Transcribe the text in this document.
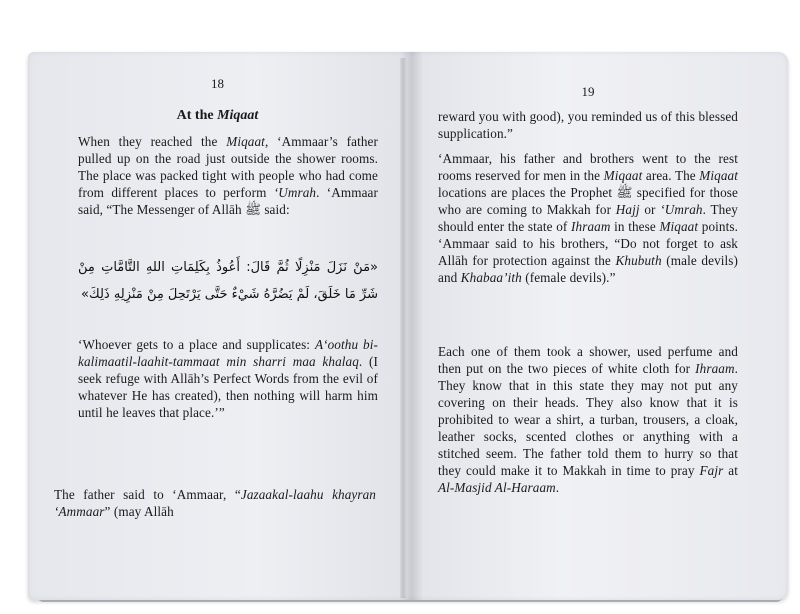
18
At the Miqaat
When they reached the Miqaat, ‘Ammaar’s father pulled up on the road just outside the shower rooms. The place was packed tight with people who had come from different places to perform ‘Umrah. ‘Ammaar said, “The Messenger of Allāh ﷺ said:
«مَنْ نَزَلَ مَنْزِلًا ثُمَّ قَالَ: أَعُوذُ بِكَلِمَاتِ اللهِ التَّامَّاتِ مِنْ شَرِّ مَا خَلَقَ، لَمْ يَضُرَّهُ شَيْءٌ حَتَّى يَرْتَحِلَ مِنْ مَنْزِلِهِ ذَلِكَ»
‘Whoever gets to a place and supplicates: A‘oothu bi-kalimaatil-laahit-tammaat min sharri maa khalaq. (I seek refuge with Allāh’s Perfect Words from the evil of whatever He has created), then nothing will harm him until he leaves that place.’”
The father said to ‘Ammaar, “Jazaakal-laahu khayran ‘Ammaar” (may Allāh
19
reward you with good), you reminded us of this blessed supplication.”
‘Ammaar, his father and brothers went to the rest rooms reserved for men in the Miqaat area. The Miqaat locations are places the Prophet ﷺ specified for those who are coming to Makkah for Hajj or ‘Umrah. They should enter the state of Ihraam in these Miqaat points. ‘Ammaar said to his brothers, “Do not forget to ask Allāh for protection against the Khubuth (male devils) and Khabaa’ith (female devils).”
Each one of them took a shower, used perfume and then put on the two pieces of white cloth for Ihraam. They know that in this state they may not put any covering on their heads. They also know that it is prohibited to wear a shirt, a turban, trousers, a cloak, leather socks, scented clothes or anything with a stitched seem. The father told them to hurry so that they could make it to Makkah in time to pray Fajr at Al-Masjid Al-Haraam.
